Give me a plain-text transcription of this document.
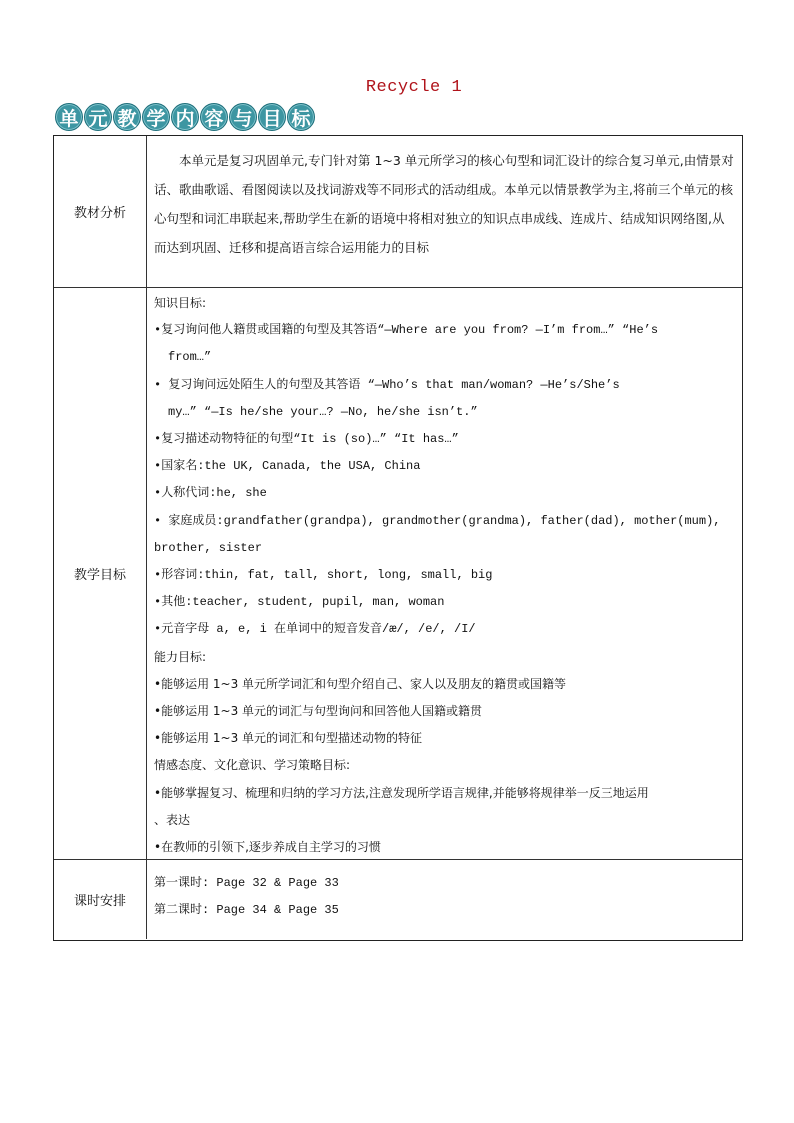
Recycle 1
单 元 教 学 内 容 与 目 标
教材分析
本单元是复习巩固单元,专门针对第 1~3 单元所学习的核心句型和词汇设计的综合复习单元,由情景对话、歌曲歌谣、看图阅读以及找词游戏等不同形式的活动组成。本单元以情景教学为主,将前三个单元的核心句型和词汇串联起来,帮助学生在新的语境中将相对独立的知识点串成线、连成片、结成知识网络图,从而达到巩固、迁移和提高语言综合运用能力的目标
教学目标
知识目标:
•复习询问他人籍贯或国籍的句型及其答语“—Where are you from? —I’m from…” “He’s
from…”
• 复习询问远处陌生人的句型及其答语 “—Who’s that man/woman? —He’s/She’s
my…” “—Is he/she your…? —No, he/she isn’t.”
•复习描述动物特征的句型“It is (so)…” “It has…”
•国家名:the UK, Canada, the USA, China
•人称代词:he, she
• 家庭成员:grandfather(grandpa), grandmother(grandma), father(dad), mother(mum),
brother, sister
•形容词:thin, fat, tall, short, long, small, big
•其他:teacher, student, pupil, man, woman
•元音字母 a, e, i 在单词中的短音发音/æ/, /e/, /I/
能力目标:
•能够运用 1~3 单元所学词汇和句型介绍自己、家人以及朋友的籍贯或国籍等
•能够运用 1~3 单元的词汇与句型询问和回答他人国籍或籍贯
•能够运用 1~3 单元的词汇和句型描述动物的特征
情感态度、文化意识、学习策略目标:
•能够掌握复习、梳理和归纳的学习方法,注意发现所学语言规律,并能够将规律举一反三地运用
、表达
•在教师的引领下,逐步养成自主学习的习惯
课时安排
第一课时: Page 32 & Page 33
第二课时: Page 34 & Page 35
